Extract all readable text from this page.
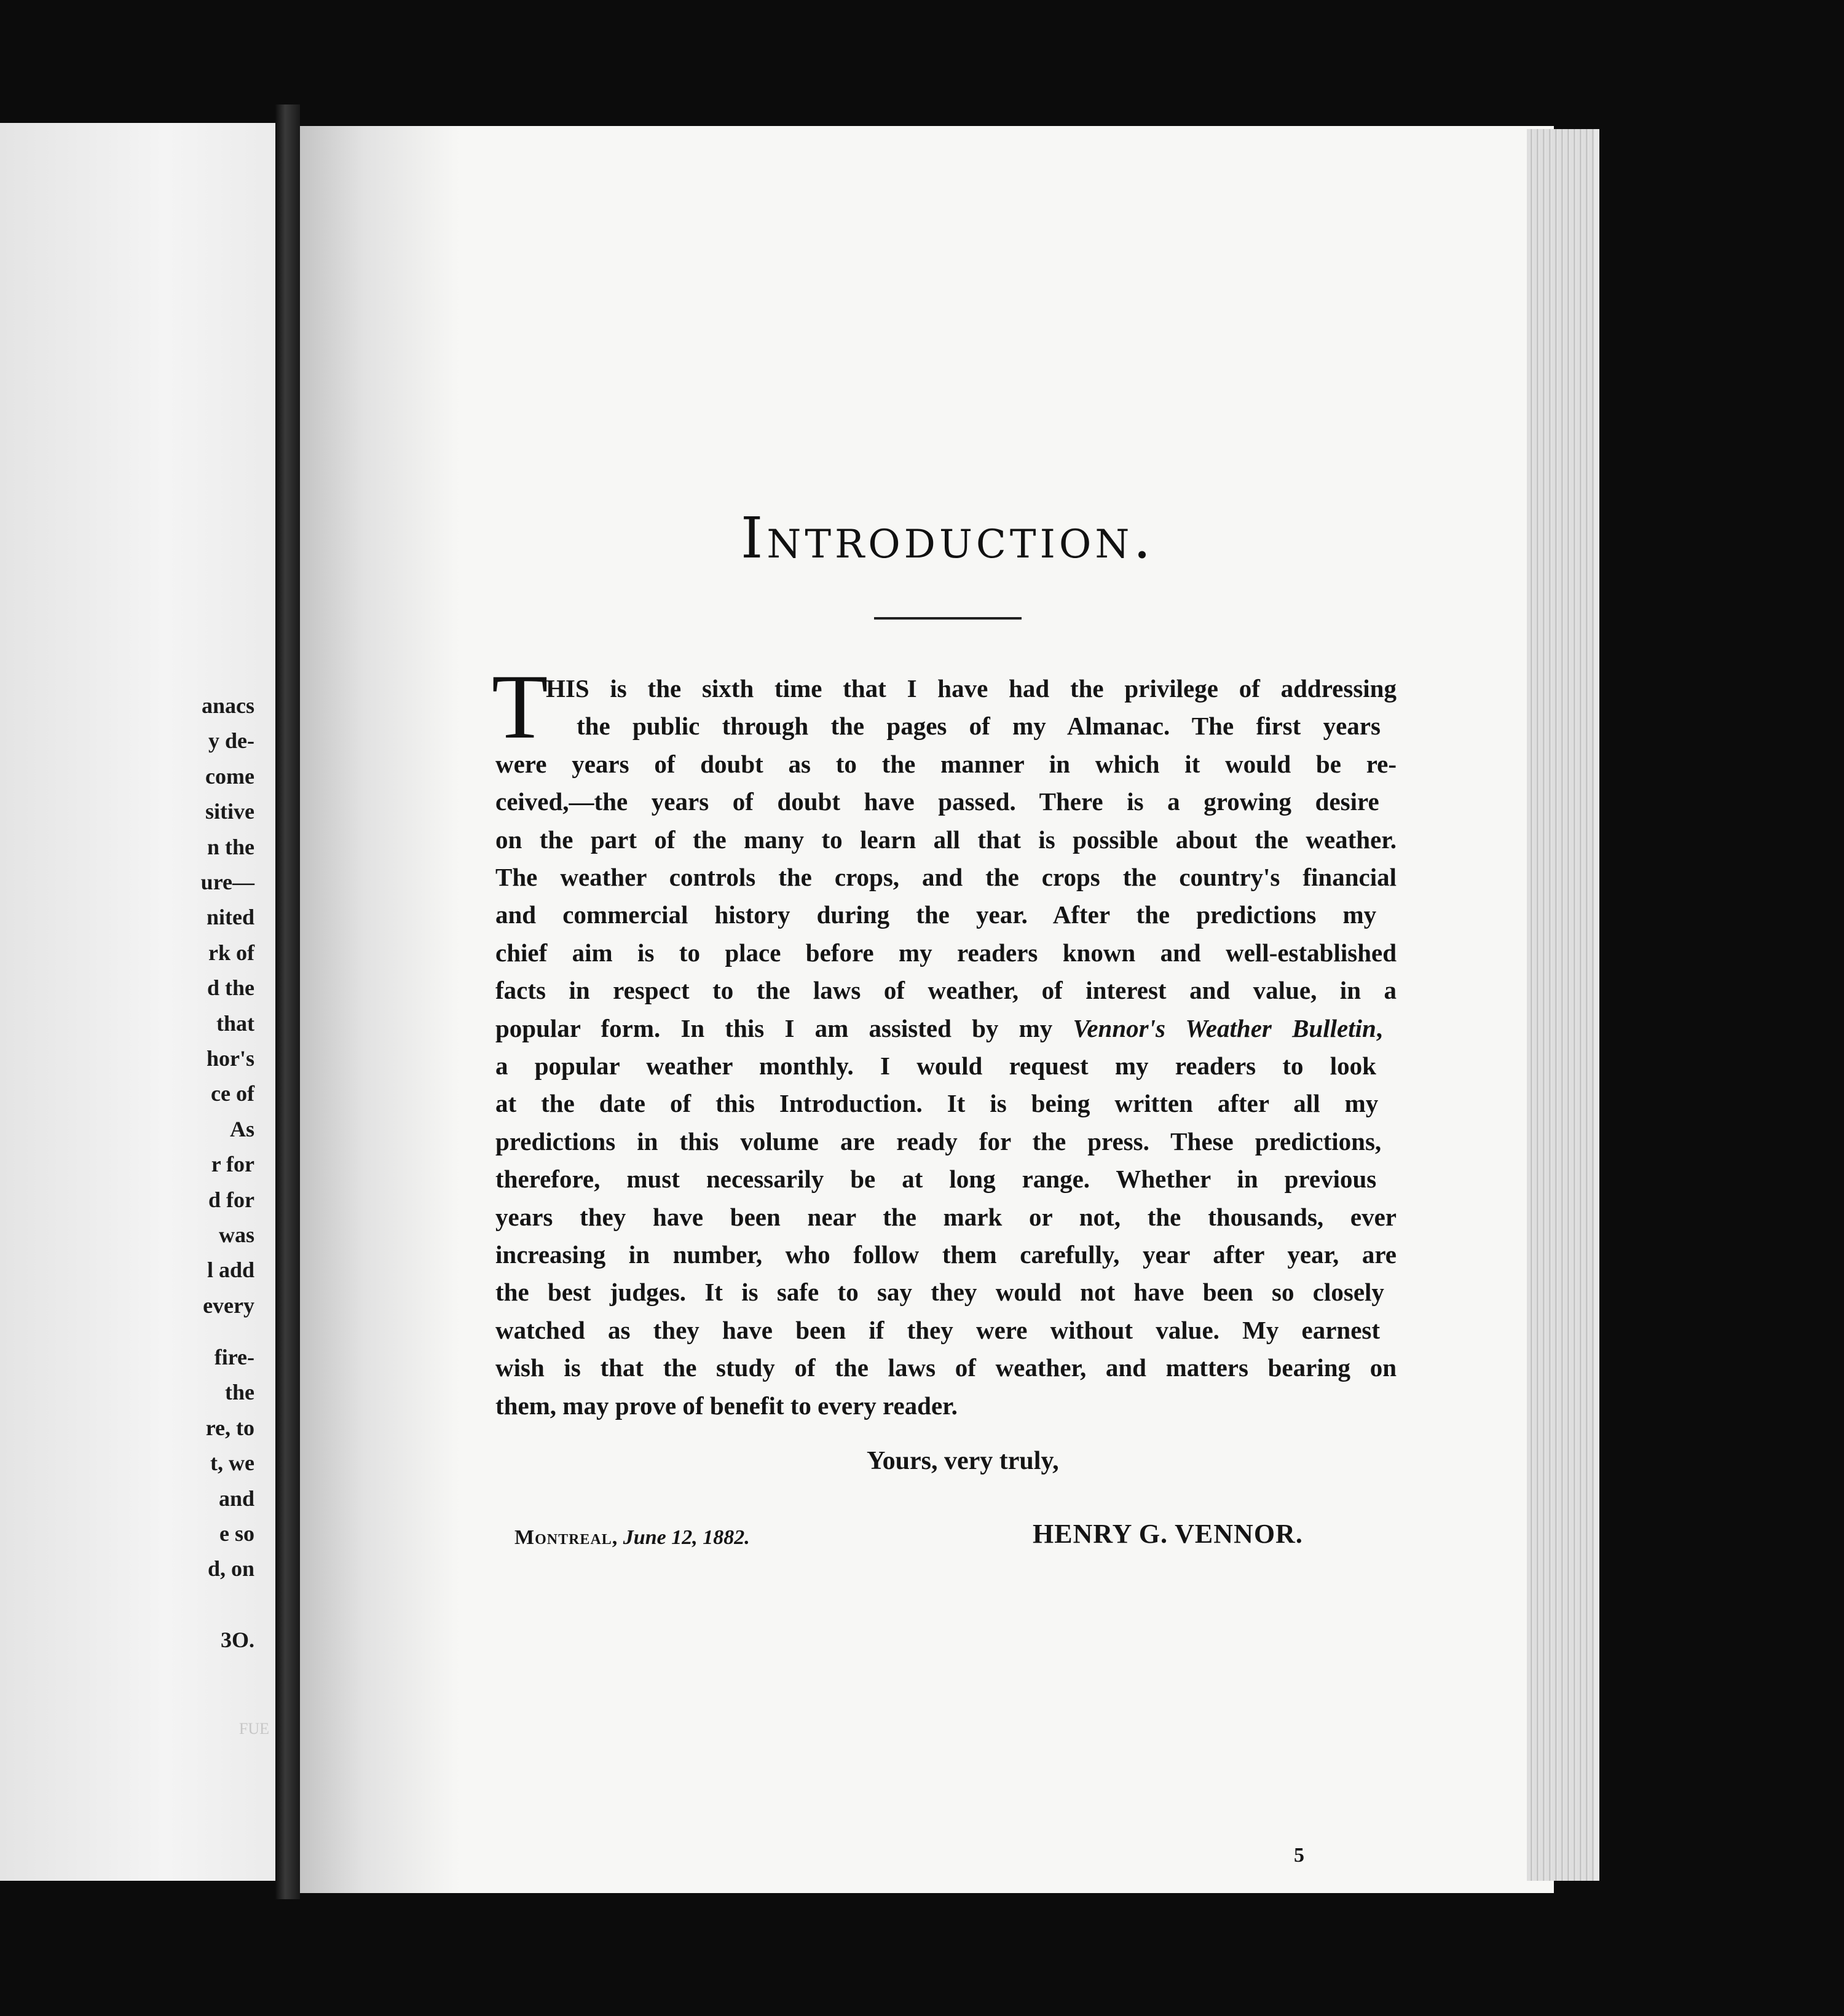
anacs
y de-
come
sitive
n the
ure—
nited
rk of
d the
that
hor's
ce of
As
r for
d for
was
l add
every
fire-
the
re, to
t, we
and
e so
d, on
3O.
FUE
Introduction.
T
HIS is the sixth time that I have had the privilege of addressing
the public through the pages of my Almanac. The first years
were years of doubt as to the manner in which it would be re-
ceived,—the years of doubt have passed. There is a growing desire
on the part of the many to learn all that is possible about the weather.
The weather controls the crops, and the crops the country's financial
and commercial history during the year. After the predictions my
chief aim is to place before my readers known and well-established
facts in respect to the laws of weather, of interest and value, in a
popular form. In this I am assisted by my Vennor's Weather Bulletin,
a popular weather monthly. I would request my readers to look
at the date of this Introduction. It is being written after all my
predictions in this volume are ready for the press. These predictions,
therefore, must necessarily be at long range. Whether in previous
years they have been near the mark or not, the thousands, ever
increasing in number, who follow them carefully, year after year, are
the best judges. It is safe to say they would not have been so closely
watched as they have been if they were without value. My earnest
wish is that the study of the laws of weather, and matters bearing on
them, may prove of benefit to every reader.
Yours, very truly,
Montreal, June 12, 1882.	HENRY G. VENNOR.
5
